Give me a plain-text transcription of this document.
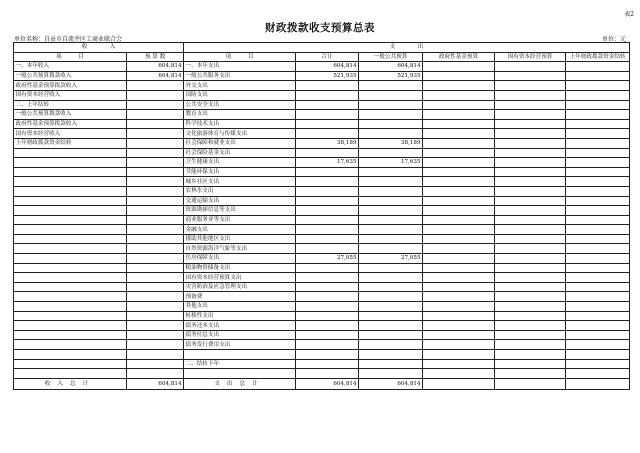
表2
财政拨款收支预算总表
单位名称：自贡市自流井区工商业联合会	单位：元
收　　　　入		支　　　　出					
项　　　目	预 算 数	项　　　目	合计	一般公共预算	政府性基金预算	国有资本经营预算	上年财政拨款资金结转
一、本年收入	604,814	一、本年支出	604,814	604,814			
一般公共预算拨款收入	604,814	一般公共服务支出	521,935	521,935			
政府性基金预算拨款收入		外交支出					
国有资本经营收入		国防支出					
二、上年结转		公共安全支出					
一般公共预算拨款收入		教育支出					
政府性基金预算拨款收入		科学技术支出					
国有资本经营收入		文化旅游体育与传媒支出					
上年财政拨款资金结转		社会保障和就业支出	38,189	38,189			
		社会保险基金支出					
		卫生健康支出	17,635	17,635			
		节能环保支出					
		城乡社区支出					
		农林水支出					
		交通运输支出					
		资源勘探信息等支出					
		商业服务业等支出					
		金融支出					
		援助其他地区支出					
		自然资源海洋气象等支出					
		住房保障支出	27,055	27,055			
		粮油物资储备支出					
		国有资本经营预算支出					
		灾害防治及应急管理支出					
		预备费					
		其他支出					
		转移性支出					
		债务还本支出					
		债务付息支出					
		债务发行费用支出					

		二、结转下年					

收入总计	604,814	支出总计	604,814	604,814			
